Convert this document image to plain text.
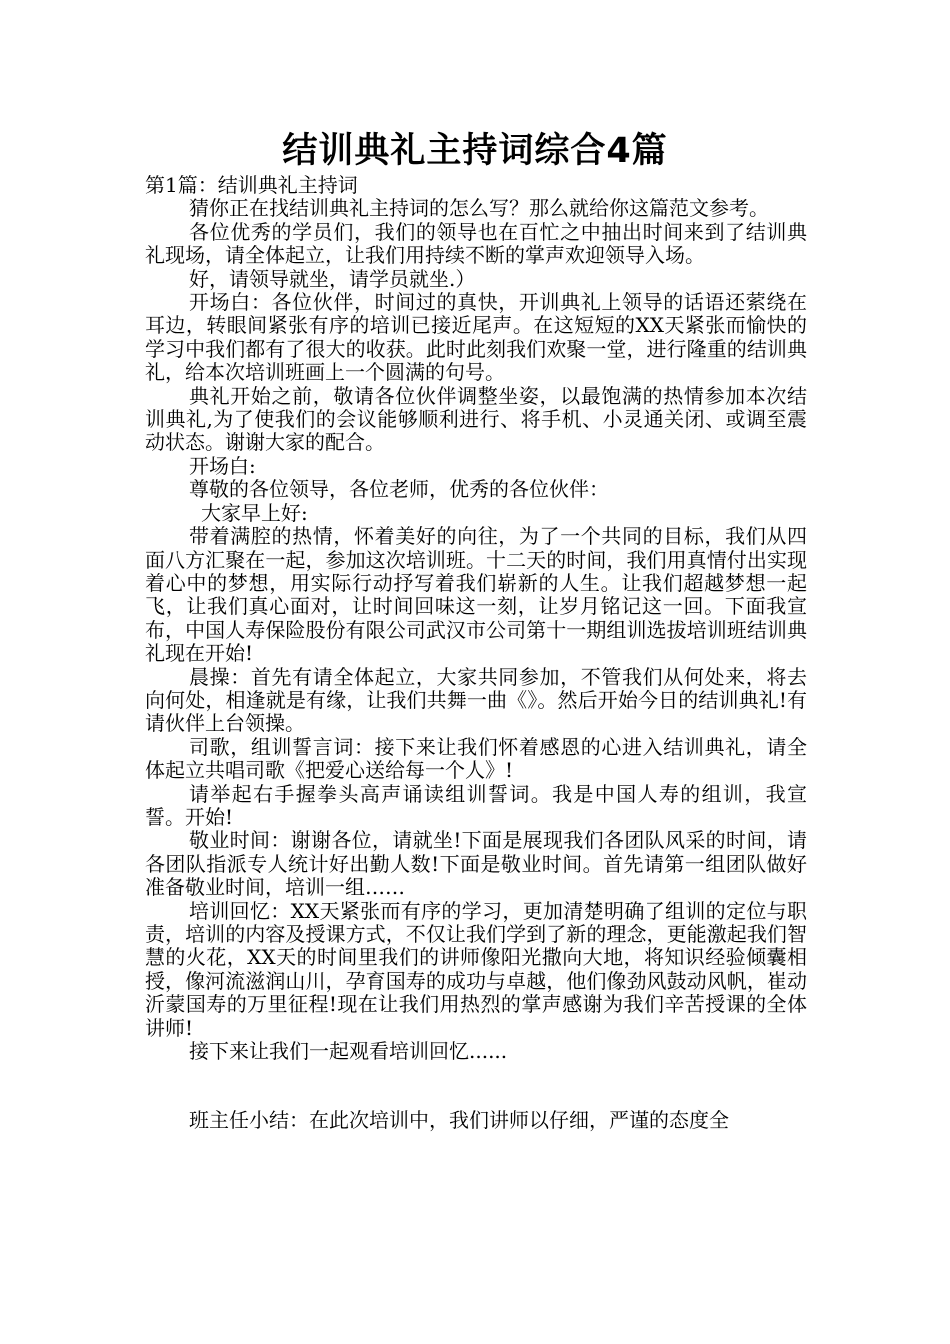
结训典礼主持词综合4篇

第1篇：结训典礼主持词

猜你正在找结训典礼主持词的怎么写？那么就给你这篇范文参考。

各位优秀的学员们，我们的领导也在百忙之中抽出时间来到了结训典礼现场，请全体起立，让我们用持续不断的掌声欢迎领导入场。

好，请领导就坐，请学员就坐.）

开场白：各位伙伴，时间过的真快，开训典礼上领导的话语还萦绕在耳边，转眼间紧张有序的培训已接近尾声。在这短短的XX天紧张而愉快的学习中我们都有了很大的收获。此时此刻我们欢聚一堂，进行隆重的结训典礼，给本次培训班画上一个圆满的句号。

典礼开始之前，敬请各位伙伴调整坐姿，以最饱满的热情参加本次结训典礼,为了使我们的会议能够顺利进行、将手机、小灵通关闭、或调至震动状态。谢谢大家的配合。

开场白:

尊敬的各位领导，各位老师，优秀的各位伙伴：

大家早上好:

带着满腔的热情，怀着美好的向往，为了一个共同的目标，我们从四面八方汇聚在一起，参加这次培训班。十二天的时间，我们用真情付出实现着心中的梦想，用实际行动抒写着我们崭新的人生。让我们超越梦想一起飞，让我们真心面对，让时间回味这一刻，让岁月铭记这一回。下面我宣布，中国人寿保险股份有限公司武汉市公司第十一期组训选拔培训班结训典礼现在开始!

晨操：首先有请全体起立，大家共同参加，不管我们从何处来，将去向何处，相逢就是有缘，让我们共舞一曲《》。然后开始今日的结训典礼!有请伙伴上台领操。

司歌，组训誓言词：接下来让我们怀着感恩的心进入结训典礼，请全体起立共唱司歌《把爱心送给每一个人》!

请举起右手握拳头高声诵读组训誓词。我是中国人寿的组训，我宣誓。开始!

敬业时间：谢谢各位，请就坐!下面是展现我们各团队风采的时间，请各团队指派专人统计好出勤人数!下面是敬业时间。首先请第一组团队做好准备敬业时间，培训一组……

培训回忆：XX天紧张而有序的学习，更加清楚明确了组训的定位与职责，培训的内容及授课方式，不仅让我们学到了新的理念，更能激起我们智慧的火花，XX天的时间里我们的讲师像阳光撒向大地，将知识经验倾囊相授，像河流滋润山川，孕育国寿的成功与卓越，他们像劲风鼓动风帆，崔动沂蒙国寿的万里征程!现在让我们用热烈的掌声感谢为我们辛苦授课的全体讲师!

接下来让我们一起观看培训回忆......

班主任小结：在此次培训中，我们讲师以仔细，严谨的态度全
